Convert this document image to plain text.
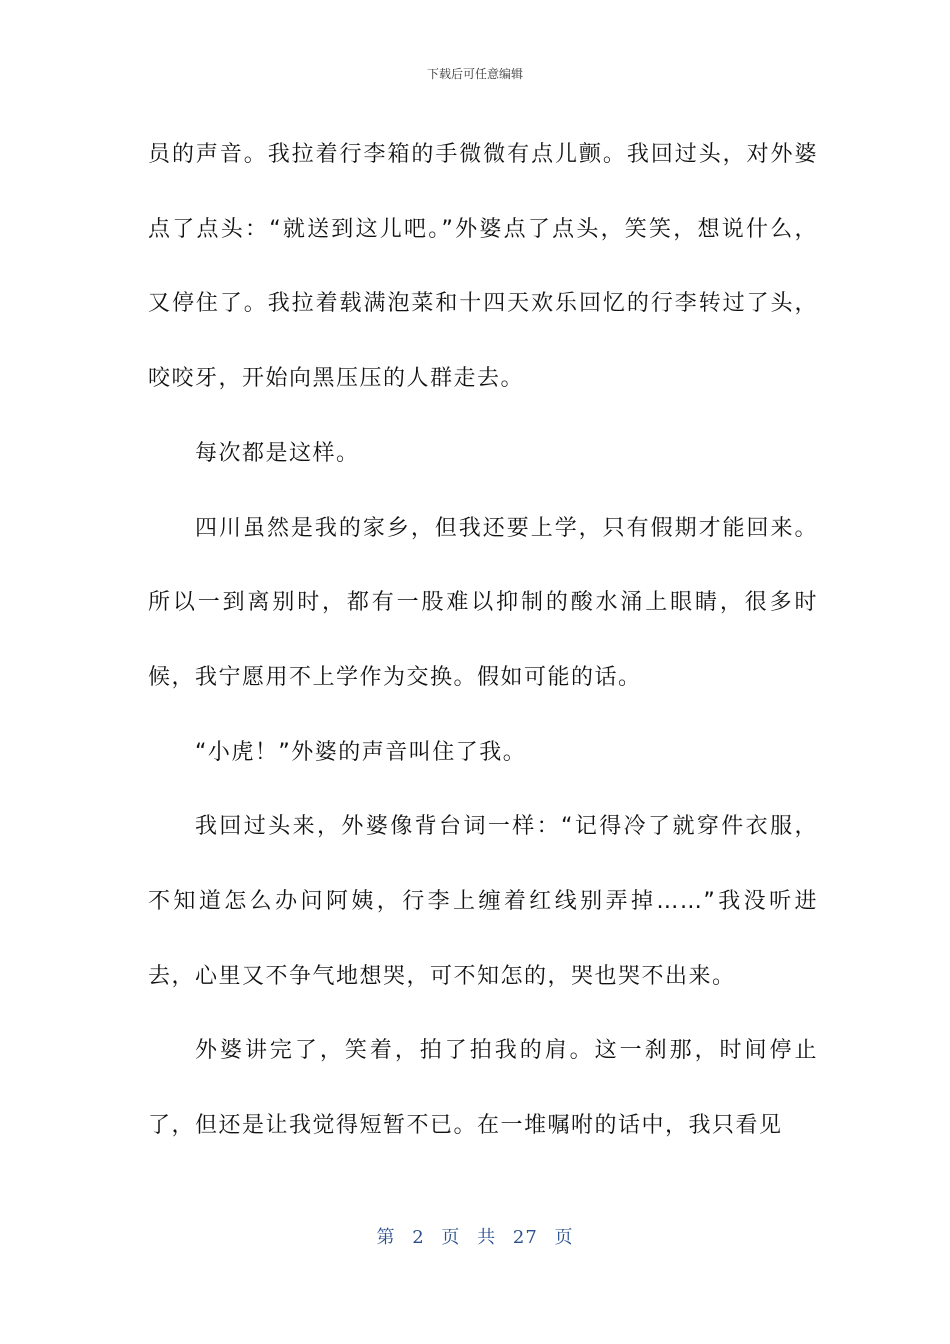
下载后可任意编辑

员的声音。我拉着行李箱的手微微有点儿颤。我回过头，对外婆点了点头：“就送到这儿吧。”外婆点了点头，笑笑，想说什么，又停住了。我拉着载满泡菜和十四天欢乐回忆的行李转过了头，咬咬牙，开始向黑压压的人群走去。

每次都是这样。

四川虽然是我的家乡，但我还要上学，只有假期才能回来。所以一到离别时，都有一股难以抑制的酸水涌上眼睛，很多时候，我宁愿用不上学作为交换。假如可能的话。

“小虎！”外婆的声音叫住了我。

我回过头来，外婆像背台词一样：“记得冷了就穿件衣服，不知道怎么办问阿姨，行李上缠着红线别弄掉……”我没听进去，心里又不争气地想哭，可不知怎的，哭也哭不出来。

外婆讲完了，笑着，拍了拍我的肩。这一刹那，时间停止了，但还是让我觉得短暂不已。在一堆嘱咐的话中，我只看见

第 2 页 共 27 页
